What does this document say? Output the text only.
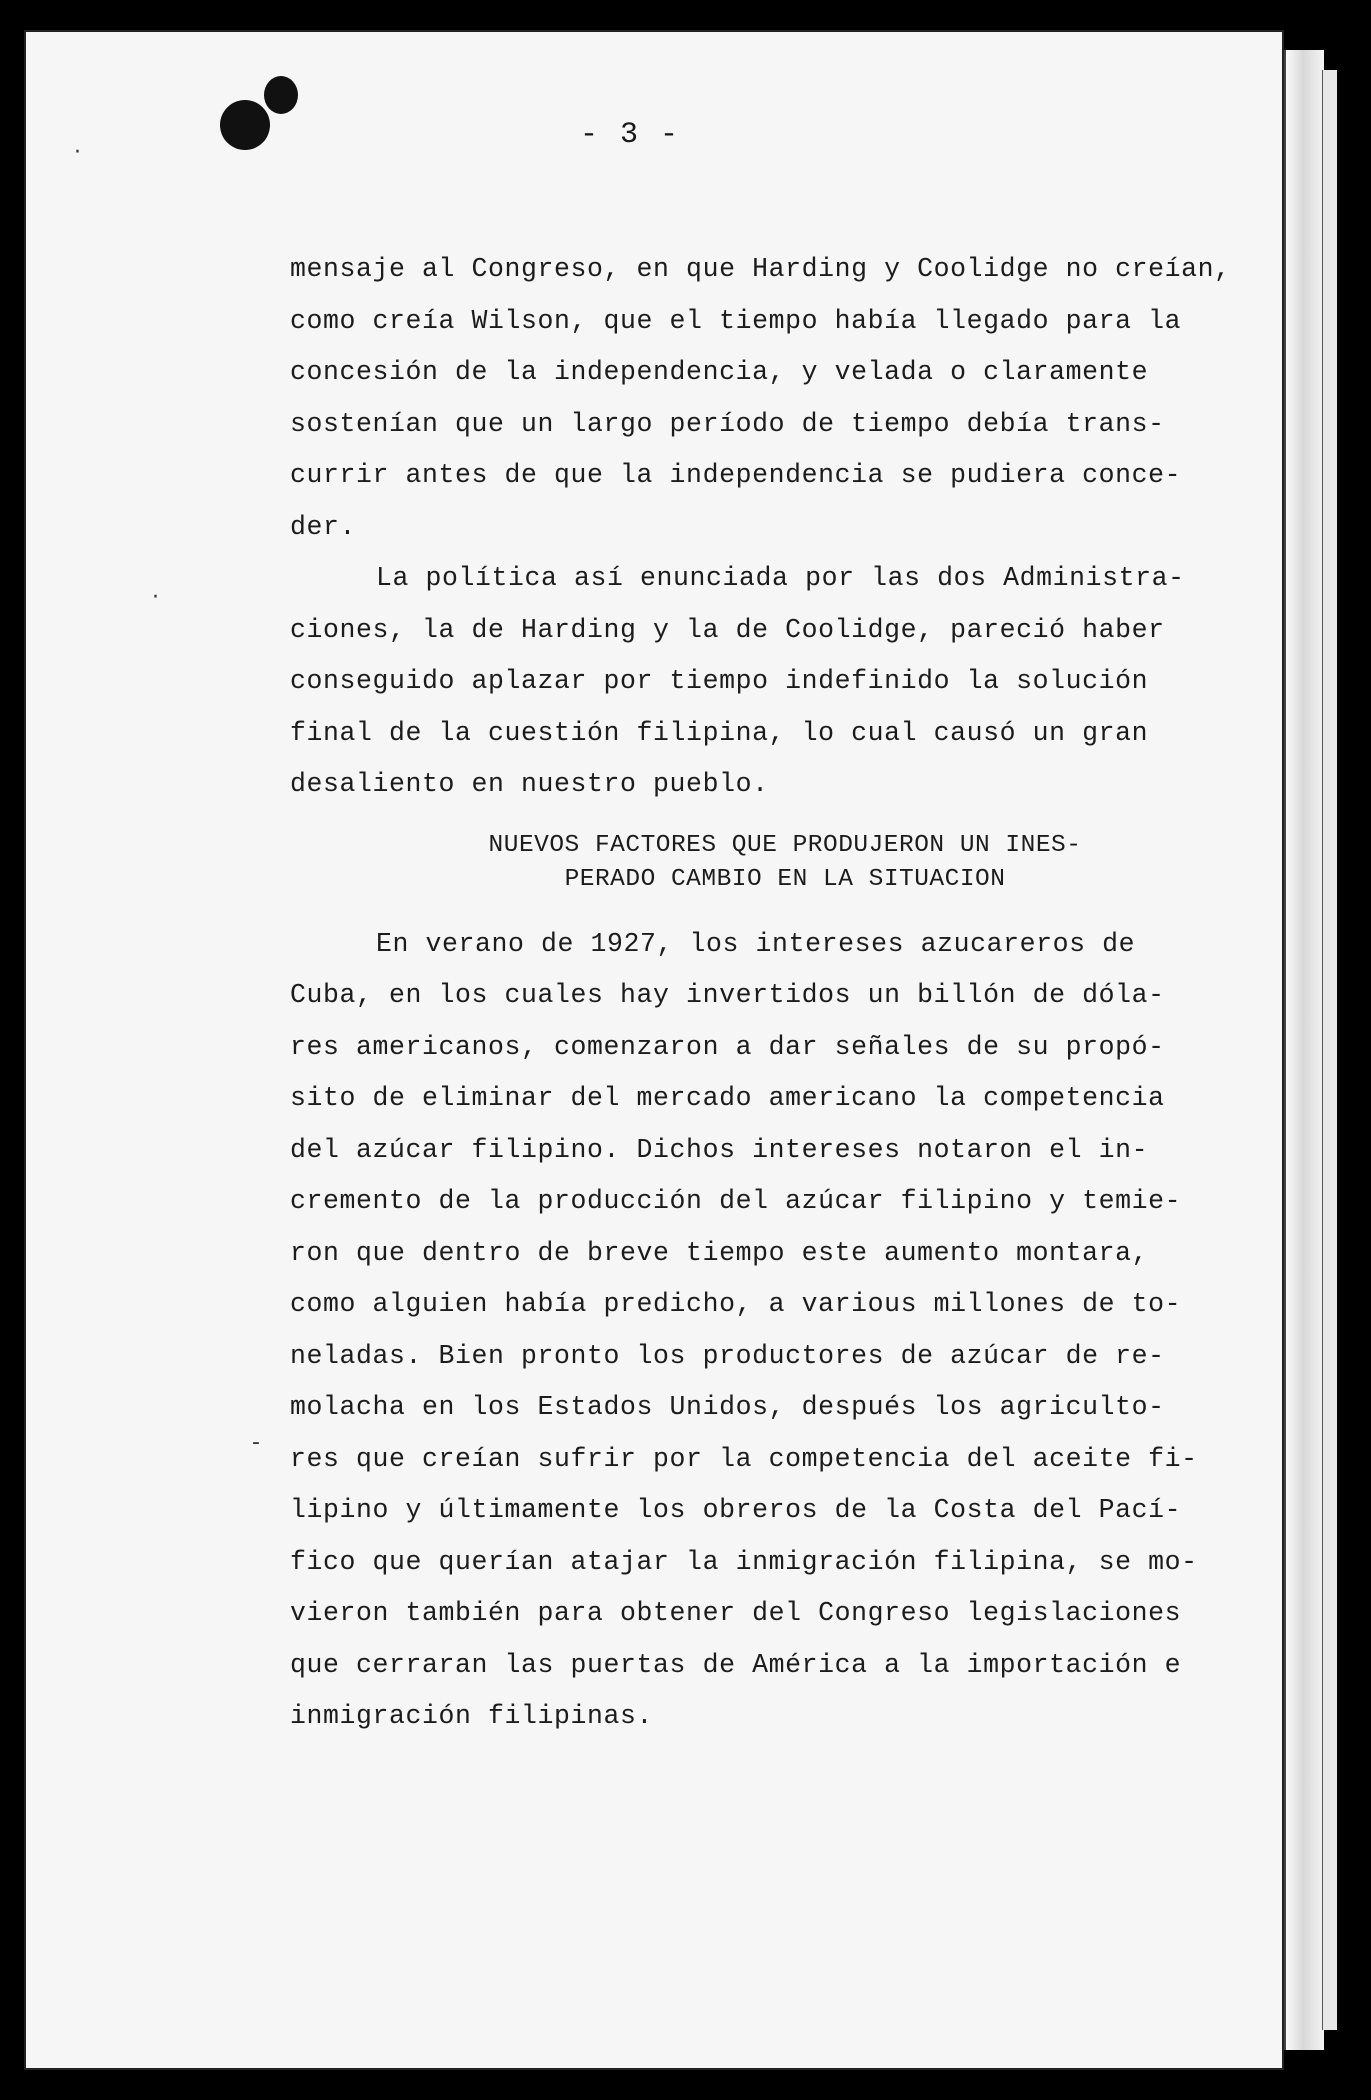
·
·
-
- 3 -
mensaje al Congreso, en que Harding y Coolidge no creían,
como creía Wilson, que el tiempo había llegado para la
concesión de la independencia, y velada o claramente
sostenían que un largo período de tiempo debía trans-
currir antes de que la independencia se pudiera conce-
der.
La política así enunciada por las dos Administra-
ciones, la de Harding y la de Coolidge, pareció haber
conseguido aplazar por tiempo indefinido la solución
final de la cuestión filipina, lo cual causó un gran
desaliento en nuestro pueblo.
NUEVOS FACTORES QUE PRODUJERON UN INES-
PERADO CAMBIO EN LA SITUACION
En verano de 1927, los intereses azucareros de
Cuba, en los cuales hay invertidos un billón de dóla-
res americanos, comenzaron a dar señales de su propó-
sito de eliminar del mercado americano la competencia
del azúcar filipino. Dichos intereses notaron el in-
cremento de la producción del azúcar filipino y temie-
ron que dentro de breve tiempo este aumento montara,
como alguien había predicho, a various millones de to-
neladas. Bien pronto los productores de azúcar de re-
molacha en los Estados Unidos, después los agriculto-
res que creían sufrir por la competencia del aceite fi-
lipino y últimamente los obreros de la Costa del Pací-
fico que querían atajar la inmigración filipina, se mo-
vieron también para obtener del Congreso legislaciones
que cerraran las puertas de América a la importación e
inmigración filipinas.
